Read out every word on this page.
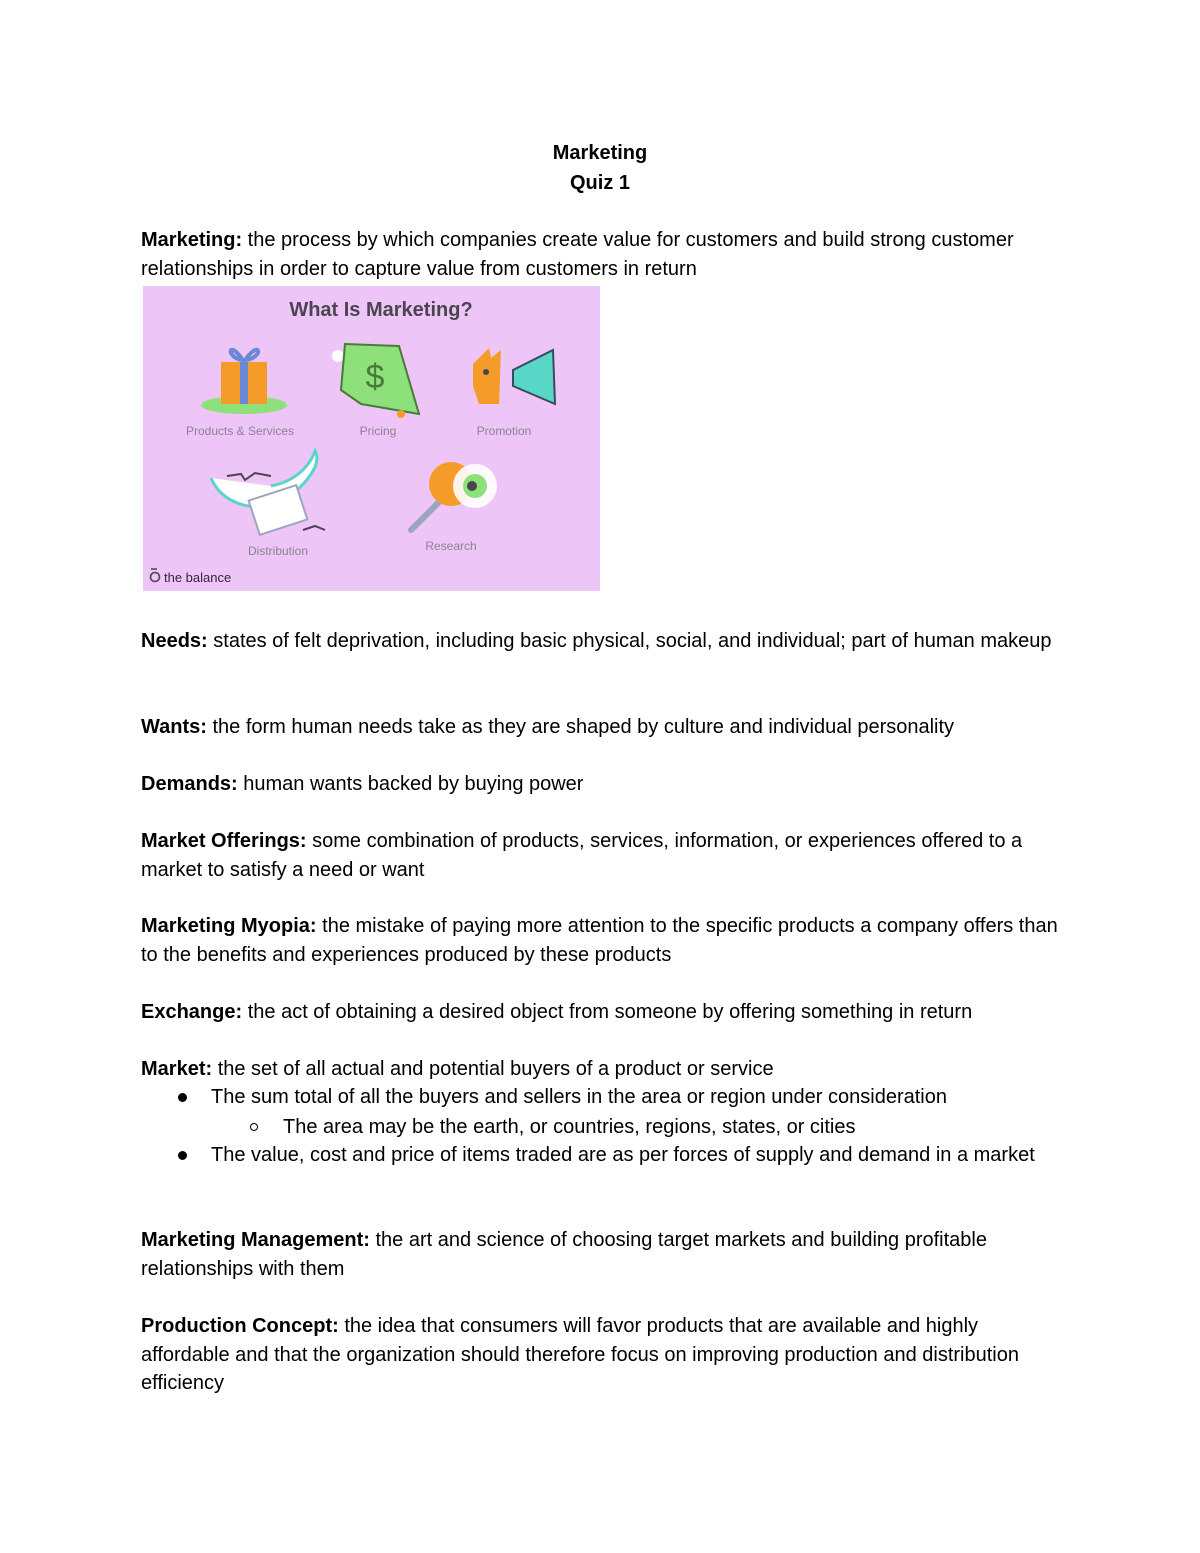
Marketing
Quiz 1
Marketing: the process by which companies create value for customers and build strong customer relationships in order to capture value from customers in return
What Is Marketing?
Products & Services
$
Pricing	Promotion
Distribution	Research
the balance
Needs: states of felt deprivation, including basic physical, social, and individual; part of human makeup
Wants: the form human needs take as they are shaped by culture and individual personality
Demands: human wants backed by buying power
Market Offerings: some combination of products, services, information, or experiences offered to a market to satisfy a need or want
Marketing Myopia: the mistake of paying more attention to the specific products a company offers than to the benefits and experiences produced by these products
Exchange: the act of obtaining a desired object from someone by offering something in return
Market: the set of all actual and potential buyers of a product or service
The sum total of all the buyers and sellers in the area or region under consideration
The area may be the earth, or countries, regions, states, or cities
The value, cost and price of items traded are as per forces of supply and demand in a market
Marketing Management: the art and science of choosing target markets and building profitable relationships with them
Production Concept: the idea that consumers will favor products that are available and highly affordable and that the organization should therefore focus on improving production and distribution efficiency
